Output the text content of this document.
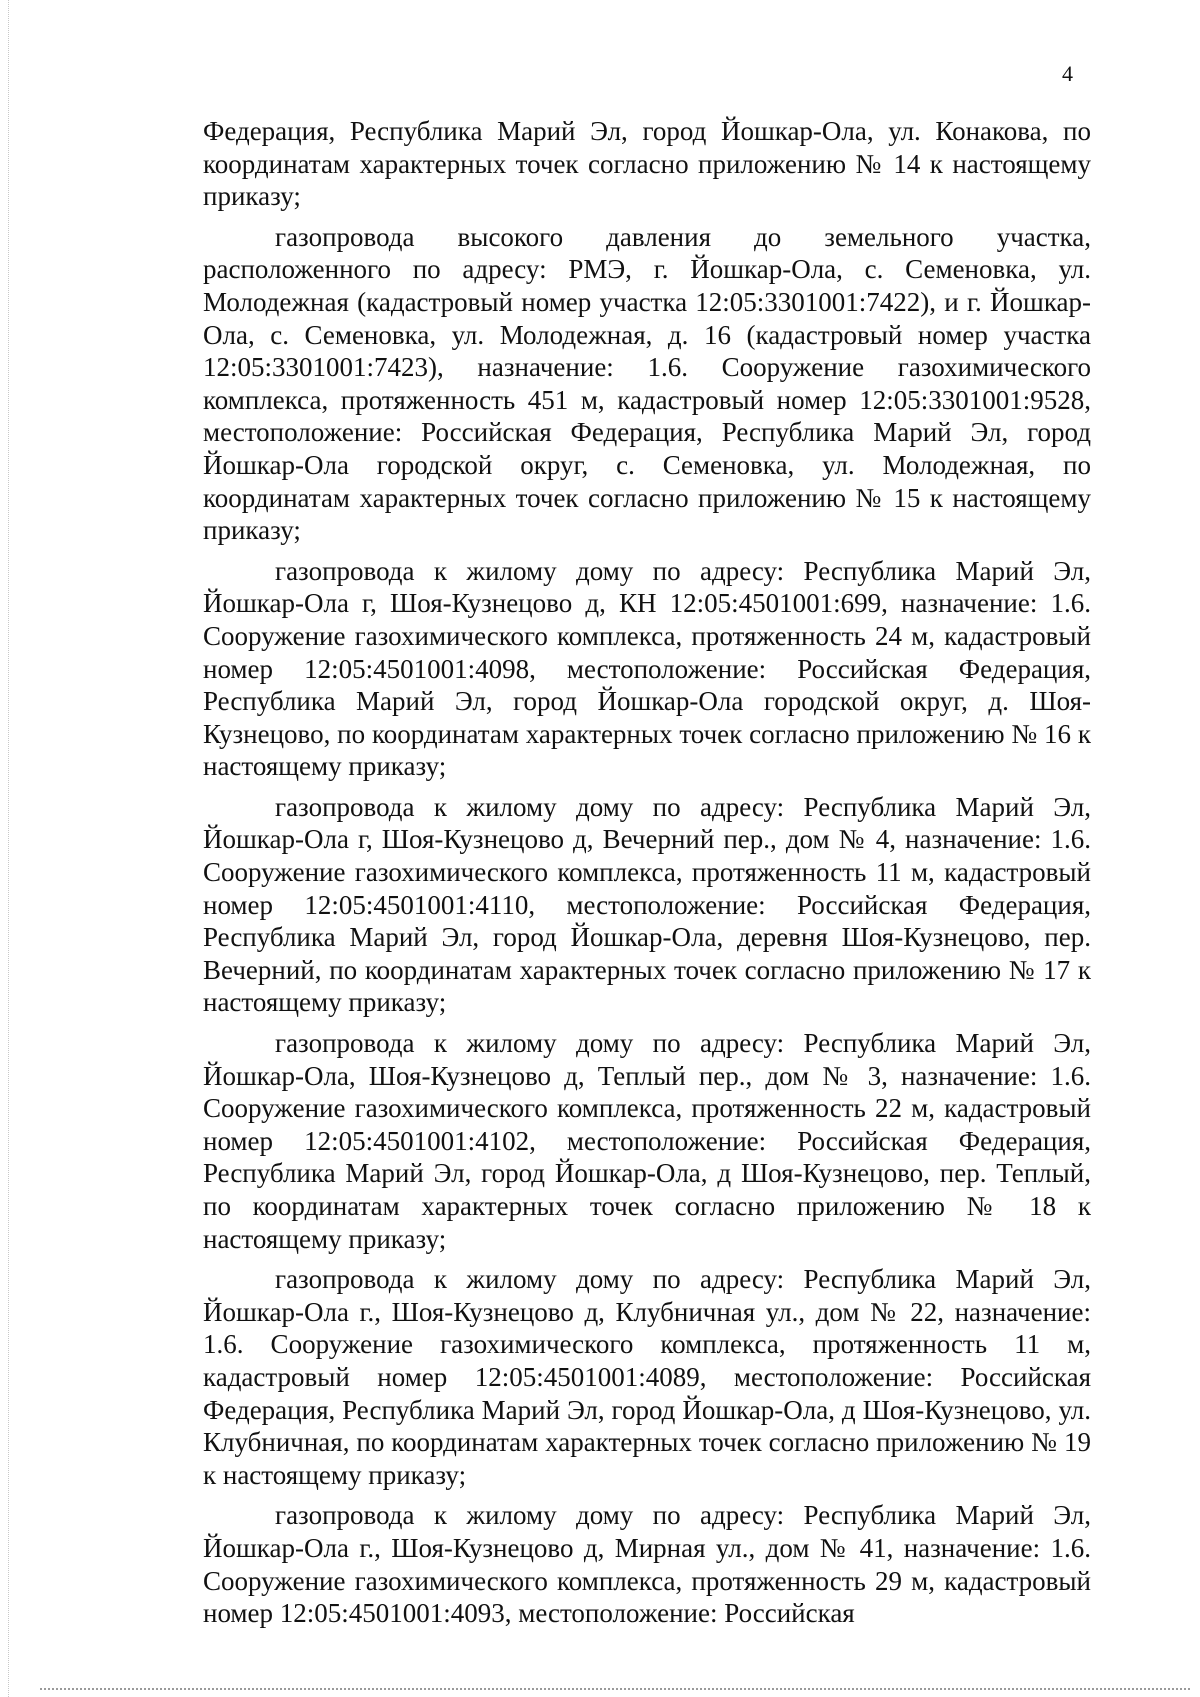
4

Федерация, Республика Марий Эл, город Йошкар-Ола, ул. Конакова, по координатам характерных точек согласно приложению № 14 к настоящему приказу;

газопровода высокого давления до земельного участка, расположенного по адресу: РМЭ, г. Йошкар-Ола, с. Семеновка, ул. Молодежная (кадастровый номер участка 12:05:3301001:7422), и г. Йошкар-Ола, с. Семеновка, ул. Молодежная, д. 16 (кадастровый номер участка 12:05:3301001:7423), назначение: 1.6. Сооружение газохимического комплекса, протяженность 451 м, кадастровый номер 12:05:3301001:9528, местоположение: Российская Федерация, Республика Марий Эл, город Йошкар-Ола городской округ, с. Семеновка, ул. Молодежная, по координатам характерных точек согласно приложению № 15 к настоящему приказу;

газопровода к жилому дому по адресу: Республика Марий Эл, Йошкар-Ола г, Шоя-Кузнецово д, КН 12:05:4501001:699, назначение: 1.6. Сооружение газохимического комплекса, протяженность 24 м, кадастровый номер 12:05:4501001:4098, местоположение: Российская Федерация, Республика Марий Эл, город Йошкар-Ола городской округ, д. Шоя-Кузнецово, по координатам характерных точек согласно приложению № 16 к настоящему приказу;

газопровода к жилому дому по адресу: Республика Марий Эл, Йошкар-Ола г, Шоя-Кузнецово д, Вечерний пер., дом № 4, назначение: 1.6. Сооружение газохимического комплекса, протяженность 11 м, кадастровый номер 12:05:4501001:4110, местоположение: Российская Федерация, Республика Марий Эл, город Йошкар-Ола, деревня Шоя-Кузнецово, пер. Вечерний, по координатам характерных точек согласно приложению № 17 к настоящему приказу;

газопровода к жилому дому по адресу: Республика Марий Эл, Йошкар-Ола, Шоя-Кузнецово д, Теплый пер., дом № 3, назначение: 1.6. Сооружение газохимического комплекса, протяженность 22 м, кадастровый номер 12:05:4501001:4102, местоположение: Российская Федерация, Республика Марий Эл, город Йошкар-Ола, д Шоя-Кузнецово, пер. Теплый, по координатам характерных точек согласно приложению № 18 к настоящему приказу;

газопровода к жилому дому по адресу: Республика Марий Эл, Йошкар-Ола г., Шоя-Кузнецово д, Клубничная ул., дом № 22, назначение: 1.6. Сооружение газохимического комплекса, протяженность 11 м, кадастровый номер 12:05:4501001:4089, местоположение: Российская Федерация, Республика Марий Эл, город Йошкар-Ола, д Шоя-Кузнецово, ул. Клубничная, по координатам характерных точек согласно приложению № 19 к настоящему приказу;

газопровода к жилому дому по адресу: Республика Марий Эл, Йошкар-Ола г., Шоя-Кузнецово д, Мирная ул., дом № 41, назначение: 1.6. Сооружение газохимического комплекса, протяженность 29 м, кадастровый номер 12:05:4501001:4093, местоположение: Российская
